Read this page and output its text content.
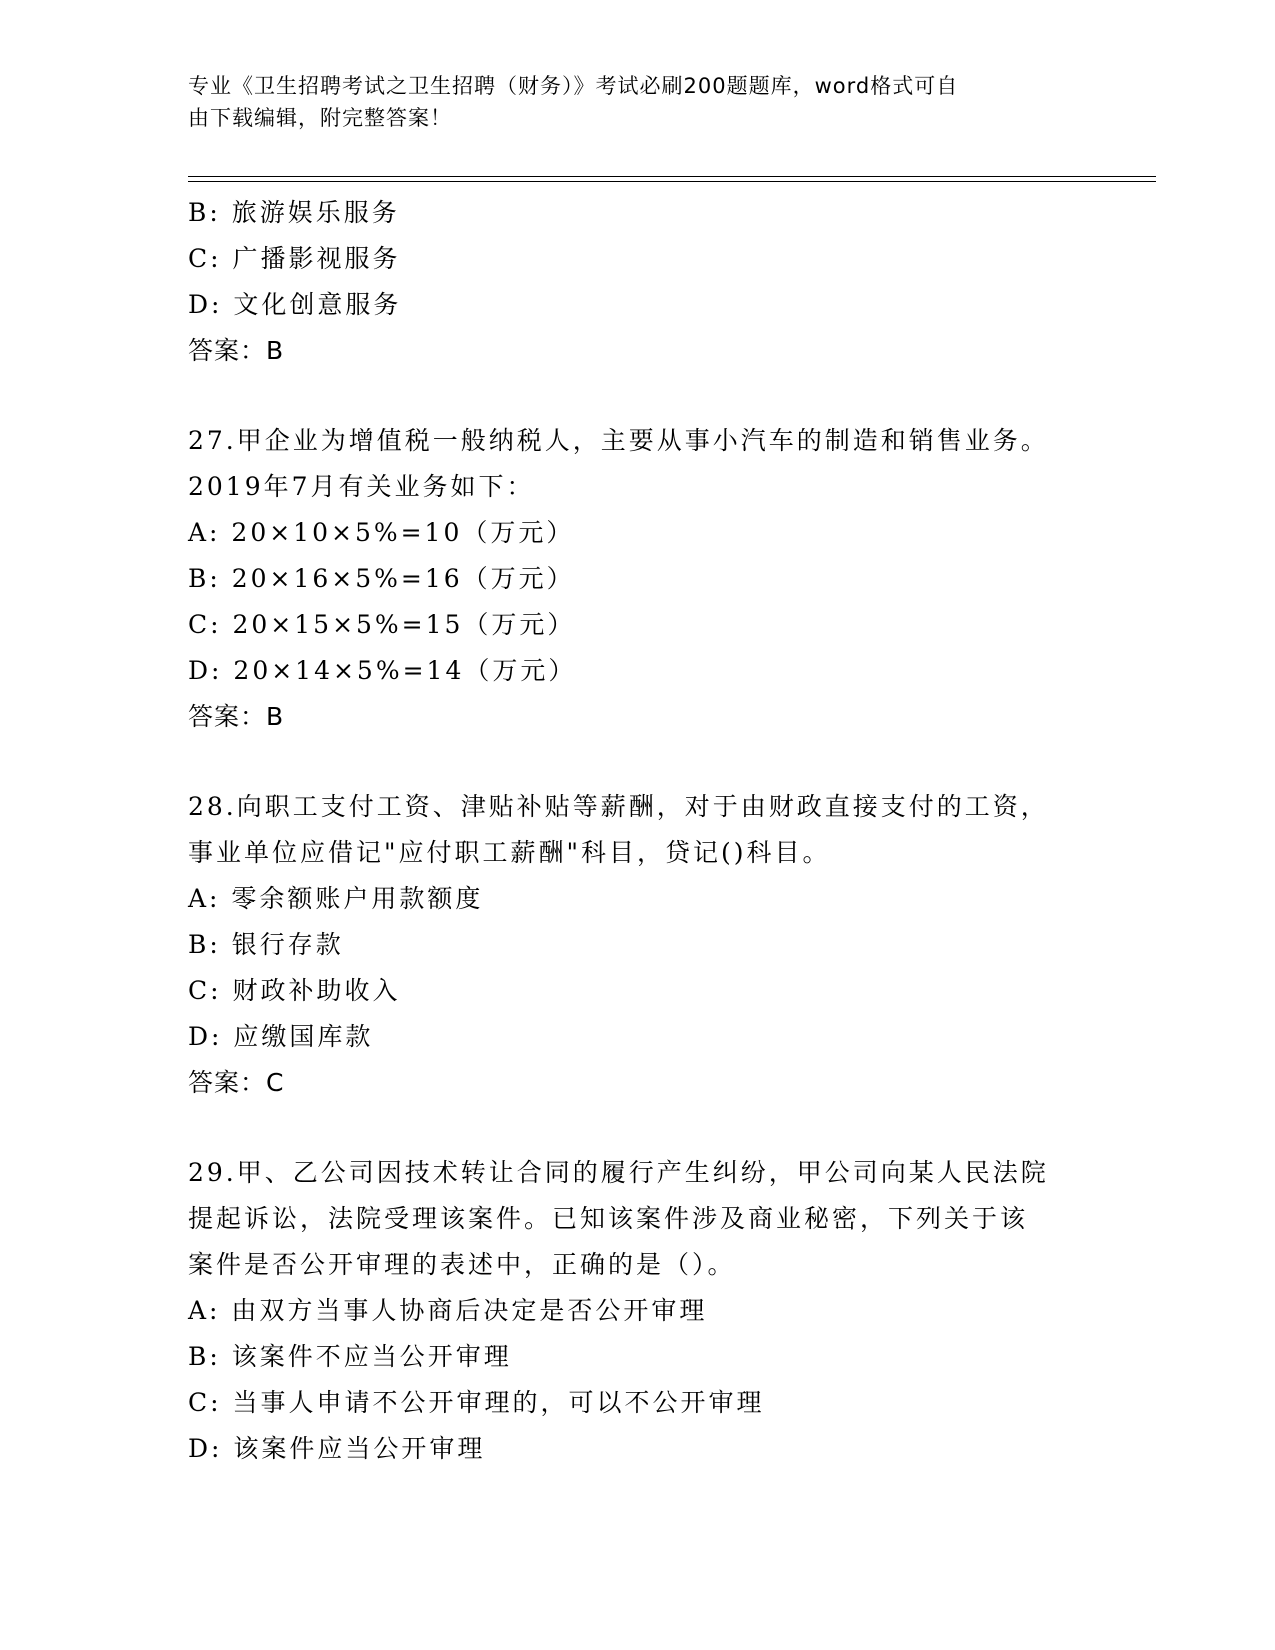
专业《卫生招聘考试之卫生招聘（财务）》考试必刷200题题库，word格式可自
由下载编辑，附完整答案！
B: 旅游娱乐服务
C: 广播影视服务
D: 文化创意服务
答案：B
27.甲企业为增值税一般纳税人，主要从事小汽车的制造和销售业务。
2019年7月有关业务如下：
A: 20×10×5%=10（万元）
B: 20×16×5%=16（万元）
C: 20×15×5%=15（万元）
D: 20×14×5%=14（万元）
答案：B
28.向职工支付工资、津贴补贴等薪酬，对于由财政直接支付的工资，
事业单位应借记"应付职工薪酬"科目，贷记()科目。
A: 零余额账户用款额度
B: 银行存款
C: 财政补助收入
D: 应缴国库款
答案：C
29.甲、乙公司因技术转让合同的履行产生纠纷，甲公司向某人民法院
提起诉讼，法院受理该案件。已知该案件涉及商业秘密，下列关于该
案件是否公开审理的表述中，正确的是（）。
A: 由双方当事人协商后决定是否公开审理
B: 该案件不应当公开审理
C: 当事人申请不公开审理的，可以不公开审理
D: 该案件应当公开审理
